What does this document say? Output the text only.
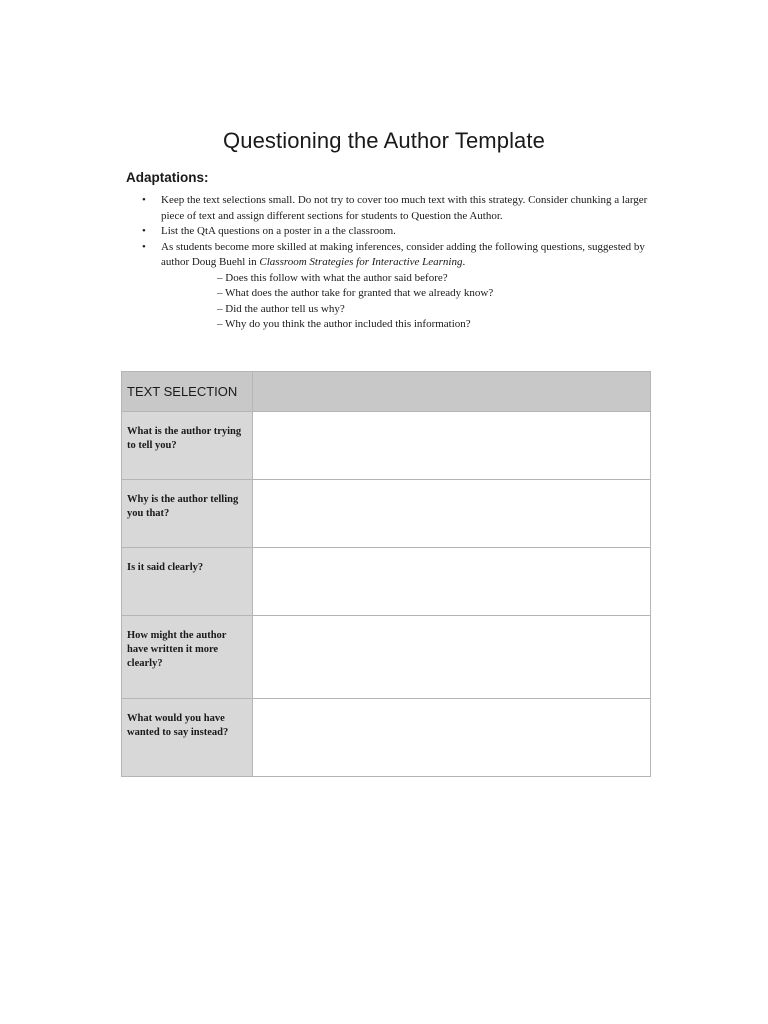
Questioning the Author Template
Adaptations:
• Keep the text selections small. Do not try to cover too much text with this strategy. Consider chunking a larger piece of text and assign different sections for students to Question the Author.
• List the QtA questions on a poster in a the classroom.
• As students become more skilled at making inferences, consider adding the following questions, suggested by author Doug Buehl in Classroom Strategies for Interactive Learning.
– Does this follow with what the author said before?
– What does the author take for granted that we already know?
– Did the author tell us why?
– Why do you think the author included this information?
TEXT SELECTION	
What is the author trying to tell you?	
Why is the author telling you that?	
Is it said clearly?	
How might the author have written it more clearly?	
What would you have wanted to say instead?	
